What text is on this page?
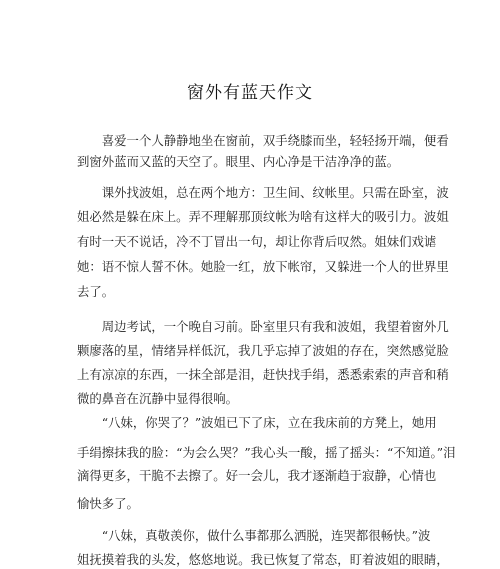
窗外有蓝天作文
　　喜爱一个人静静地坐在窗前，双手绕膝而坐，轻轻扬开端，便看
到窗外蓝而又蓝的天空了。眼里、内心净是干洁净净的蓝。
　　课外找波姐，总在两个地方：卫生间、纹帐里。只需在卧室，波
姐必然是躲在床上。弄不理解那顶纹帐为啥有这样大的吸引力。波姐
有时一天不说话，冷不丁冒出一句，却让你背后叹然。姐妹们戏谑
她：语不惊人誓不休。她脸一红，放下帐帘，又躲进一个人的世界里
去了。
　　周边考试，一个晚自习前。卧室里只有我和波姐，我望着窗外几
颗廖落的星，情绪异样低沉，我几乎忘掉了波姐的存在，突然感觉脸
上有凉凉的东西，一抹全部是泪，赶快找手绢，悉悉索索的声音和稍
微的鼻音在沉静中显得很响。
　　“八妹，你哭了？”波姐已下了床，立在我床前的方凳上，她用
手绢擦抹我的脸：“为会么哭？”我心头一酸，摇了摇头：“不知道。”泪
滴得更多，干脆不去擦了。好一会儿，我才逐渐趋于寂静，心情也
愉快多了。
　　“八妹，真敬羡你，做什么事都那么洒脱，连哭都很畅快。”波
姐抚摸着我的头发，悠悠地说。我已恢复了常态，盯着波姐的眼睛，
